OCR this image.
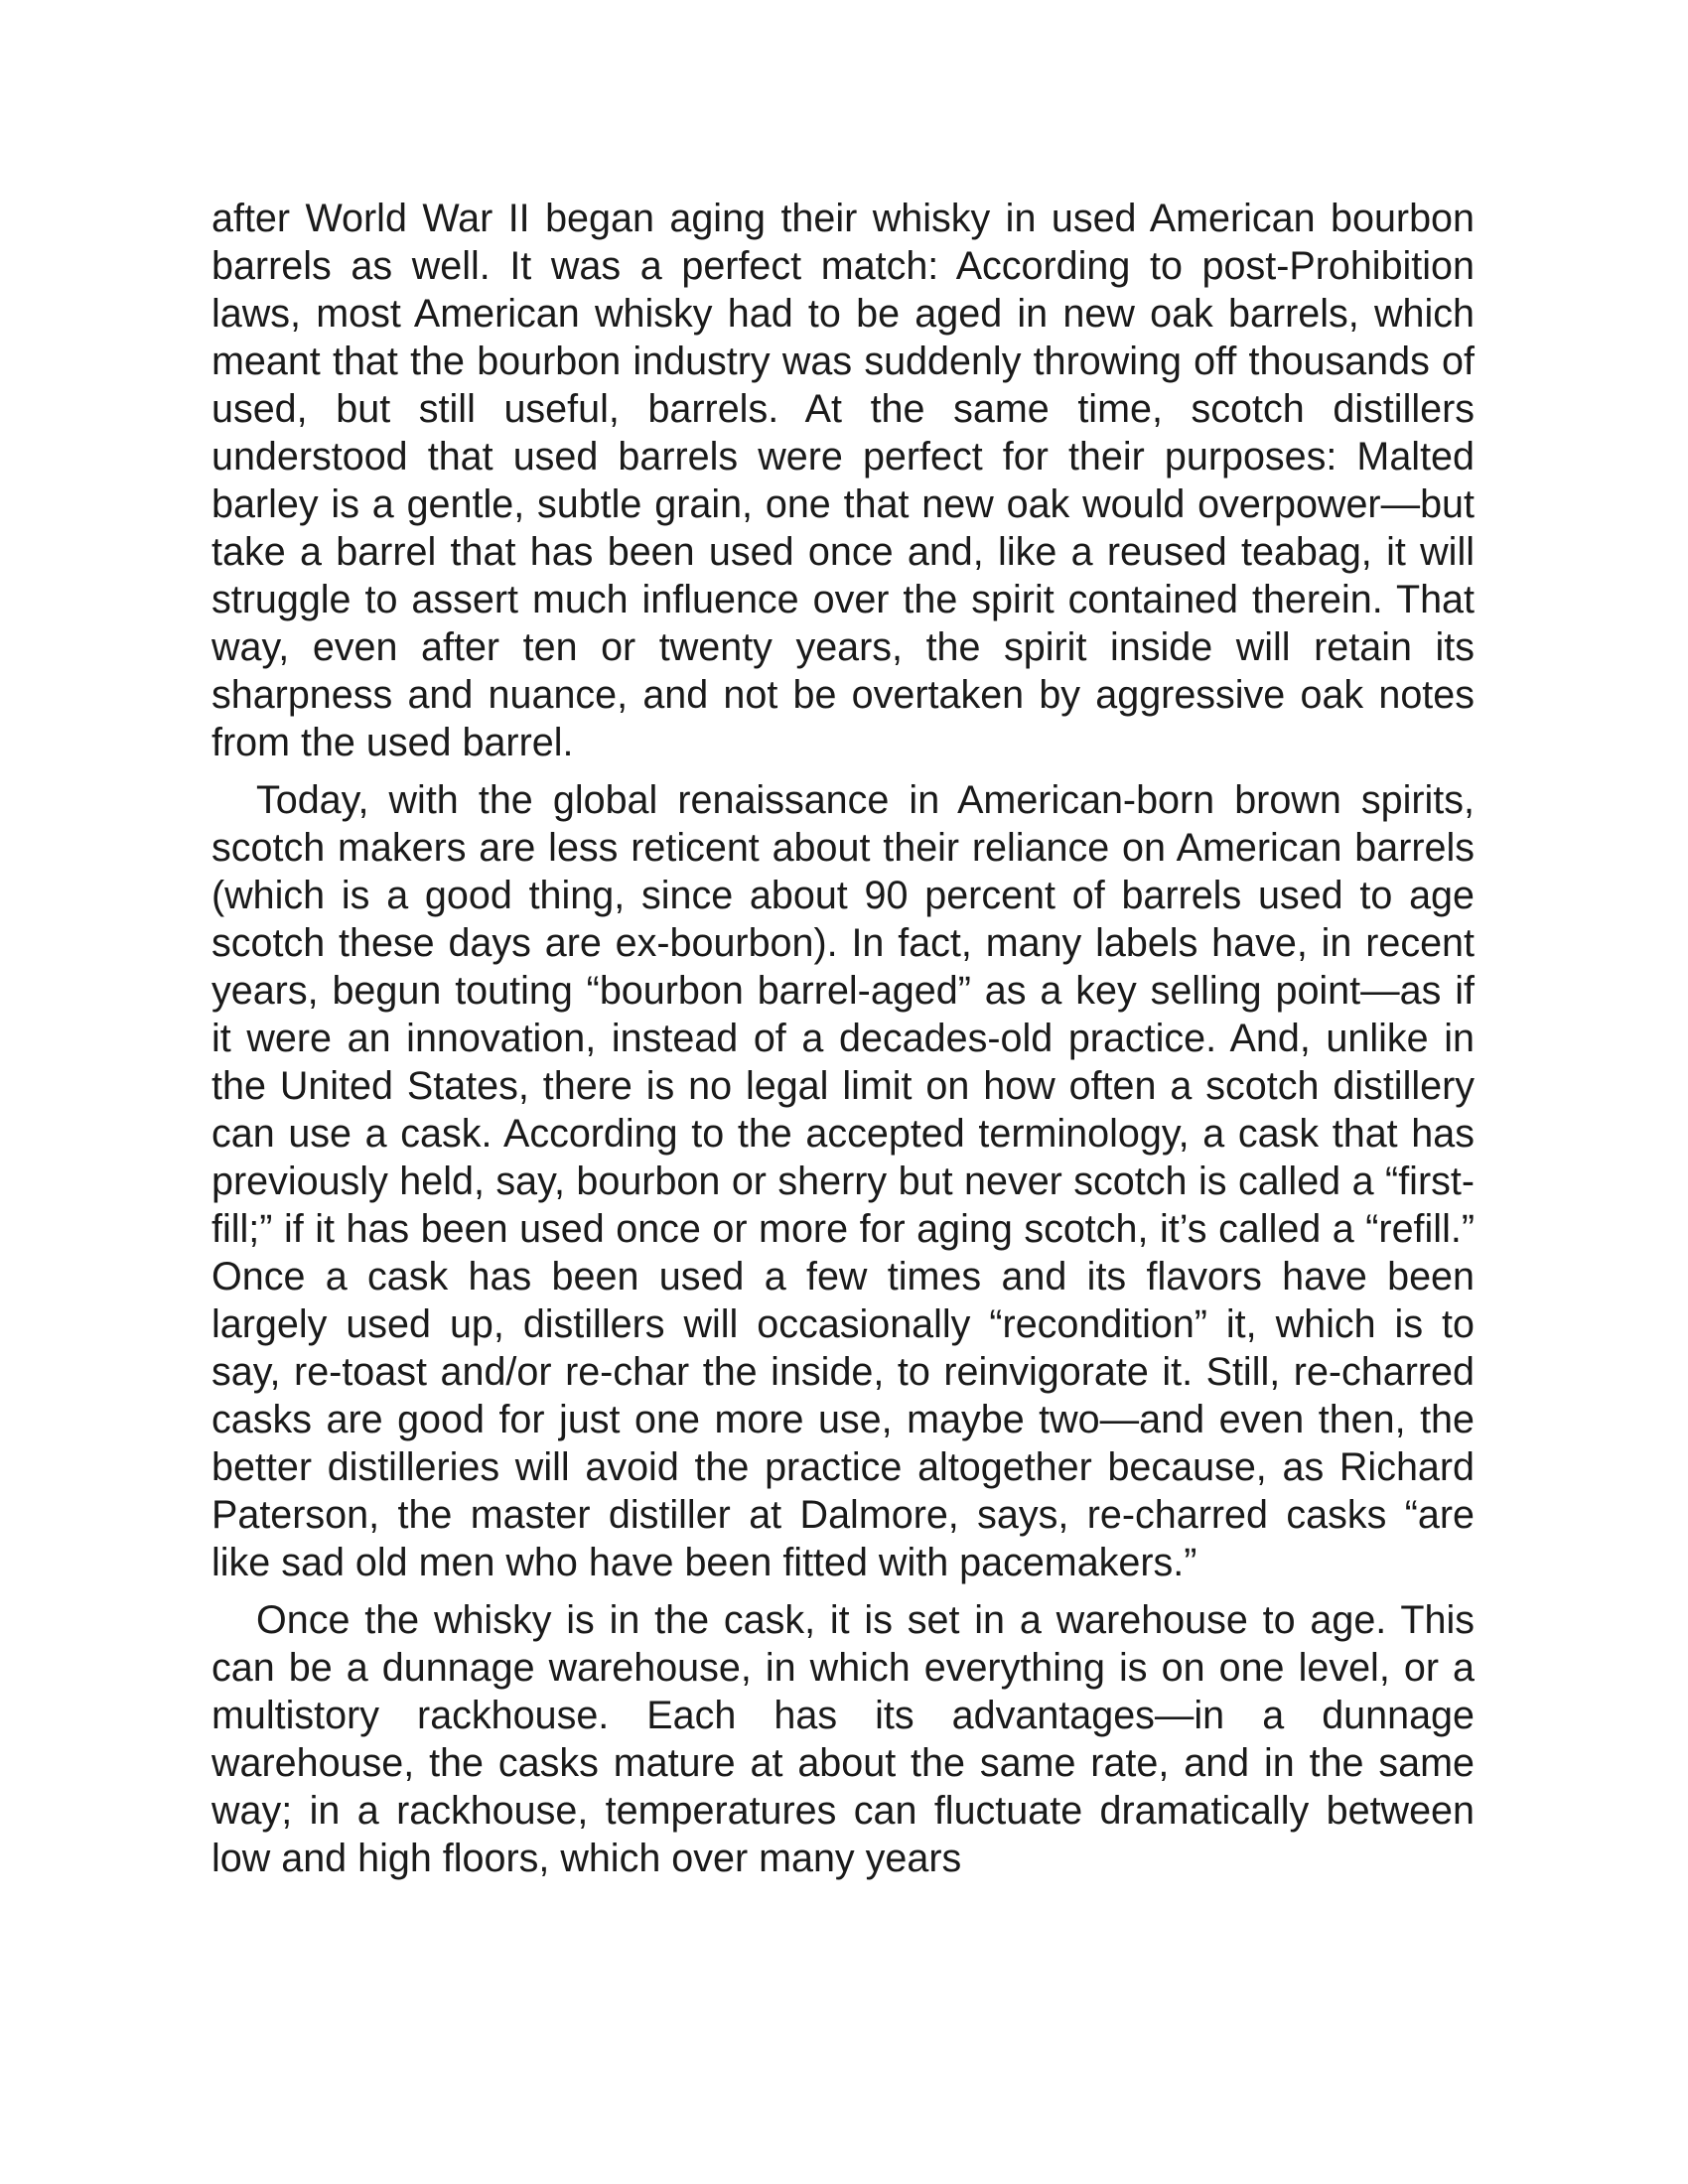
after World War II began aging their whisky in used American bourbon barrels as well. It was a perfect match: According to post-Prohibition laws, most American whisky had to be aged in new oak barrels, which meant that the bourbon industry was suddenly throwing off thousands of used, but still useful, barrels. At the same time, scotch distillers understood that used barrels were perfect for their purposes: Malted barley is a gentle, subtle grain, one that new oak would overpower—but take a barrel that has been used once and, like a reused teabag, it will struggle to assert much influence over the spirit contained therein. That way, even after ten or twenty years, the spirit inside will retain its sharpness and nuance, and not be overtaken by aggressive oak notes from the used barrel.

Today, with the global renaissance in American-born brown spirits, scotch makers are less reticent about their reliance on American barrels (which is a good thing, since about 90 percent of barrels used to age scotch these days are ex-bourbon). In fact, many labels have, in recent years, begun touting “bourbon barrel-aged” as a key selling point—as if it were an innovation, instead of a decades-old practice. And, unlike in the United States, there is no legal limit on how often a scotch distillery can use a cask. According to the accepted terminology, a cask that has previously held, say, bourbon or sherry but never scotch is called a “first-fill;” if it has been used once or more for aging scotch, it’s called a “refill.” Once a cask has been used a few times and its flavors have been largely used up, distillers will occasionally “recondition” it, which is to say, re-toast and/or re-char the inside, to reinvigorate it. Still, re-charred casks are good for just one more use, maybe two—and even then, the better distilleries will avoid the practice altogether because, as Richard Paterson, the master distiller at Dalmore, says, re-charred casks “are like sad old men who have been fitted with pacemakers.”

Once the whisky is in the cask, it is set in a warehouse to age. This can be a dunnage warehouse, in which everything is on one level, or a multistory rackhouse. Each has its advantages—in a dunnage warehouse, the casks mature at about the same rate, and in the same way; in a rackhouse, temperatures can fluctuate dramatically between low and high floors, which over many years
